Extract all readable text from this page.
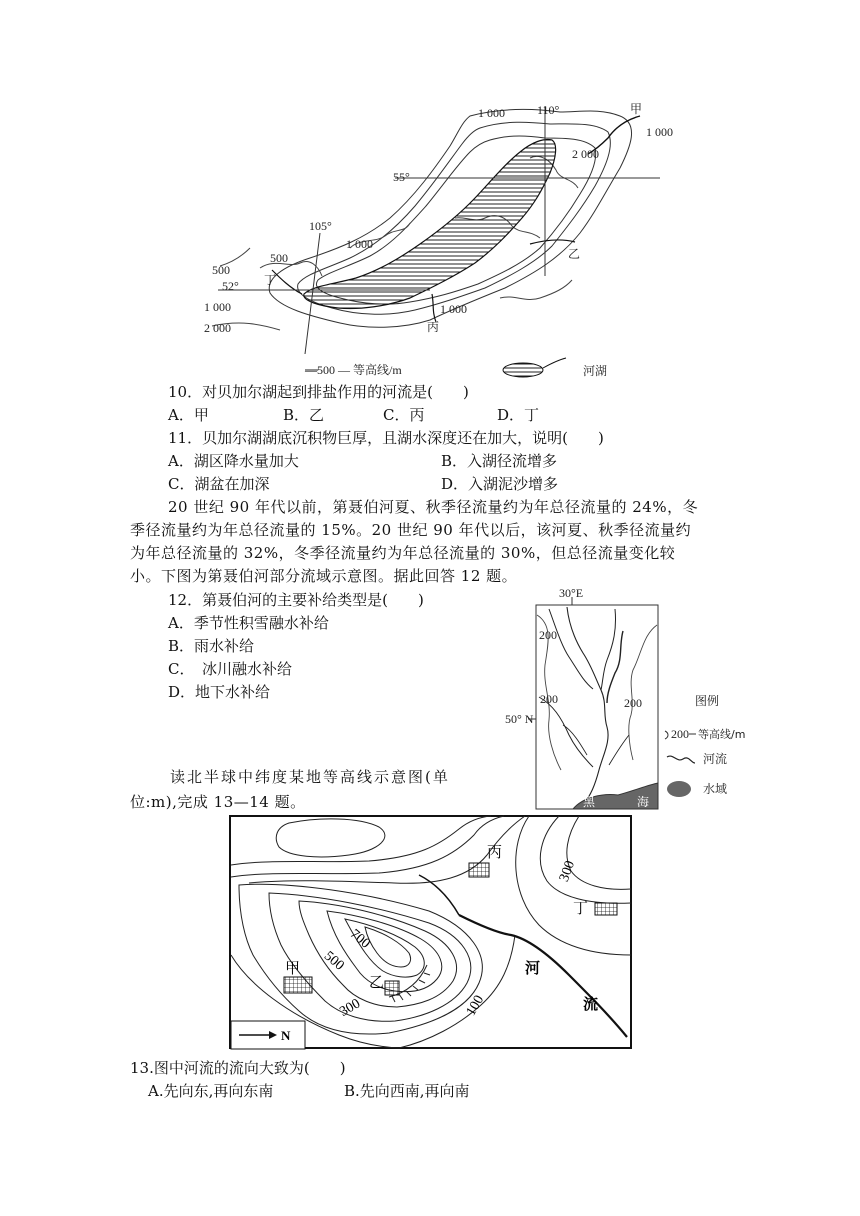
—500 — 等高线/m	河湖
1 000	110°	甲
1 000
2 000
55°
105°
1 000
乙
500
500
52° 丁
1 000	1 000
2 000	丙
10．对贝加尔湖起到排盐作用的河流是(　　)
A．甲	B．乙	C．丙	D．丁
11．贝加尔湖湖底沉积物巨厚，且湖水深度还在加大，说明(　　)
A．湖区降水量加大	B．入湖径流增多
C．湖盆在加深	D．入湖泥沙增多
20 世纪 90 年代以前，第聂伯河夏、秋季径流量约为年总径流量的 24%，冬
季径流量约为年总径流量的 15%。20 世纪 90 年代以后，该河夏、秋季径流量约
为年总径流量的 32%，冬季径流量约为年总径流量的 30%，但总径流量变化较
小。下图为第聂伯河部分流域示意图。据此回答 12 题。
12．第聂伯河的主要补给类型是(　　)
A．季节性积雪融水补给
B．雨水补给
C．　冰川融水补给
D．地下水补给
30°E
200
200	200
黑	海
50° N
图例
200 等高线/m
河流
水域
读北半球中纬度某地等高线示意图(单
位:m),完成 13—14 题。
丙
丁
甲
乙
300
300
500
700
100
河
流
N
13.图中河流的流向大致为(　　)
A.先向东,再向东南	B.先向西南,再向南
